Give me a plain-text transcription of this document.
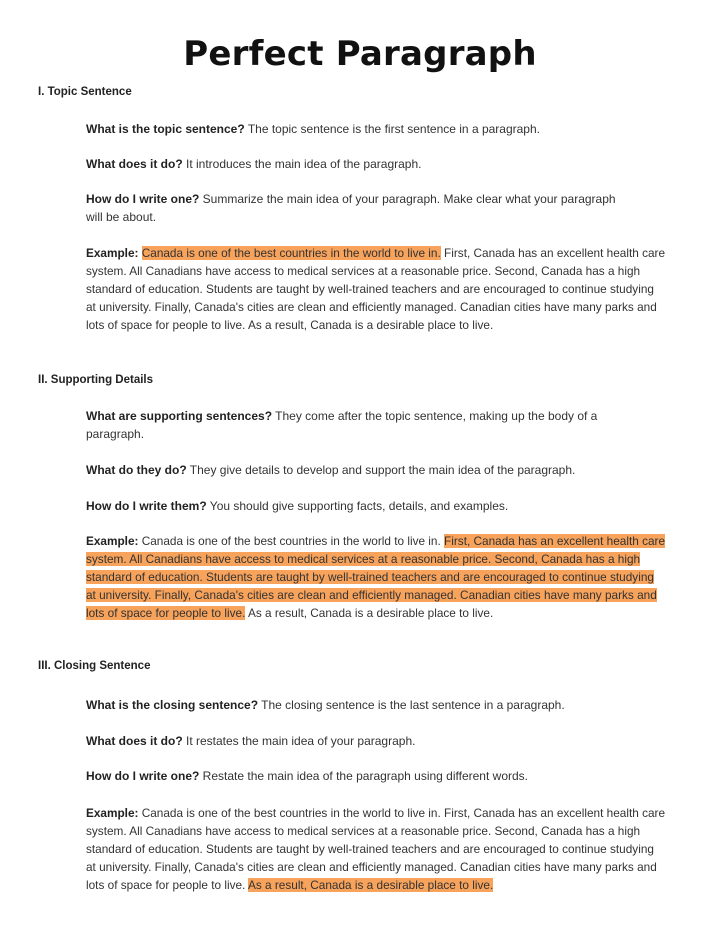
Perfect Paragraph

I. Topic Sentence

What is the topic sentence? The topic sentence is the first sentence in a paragraph.

What does it do? It introduces the main idea of the paragraph.

How do I write one? Summarize the main idea of your paragraph. Make clear what your paragraph will be about.

Example: Canada is one of the best countries in the world to live in. First, Canada has an excellent health care system. All Canadians have access to medical services at a reasonable price. Second, Canada has a high standard of education. Students are taught by well-trained teachers and are encouraged to continue studying at university. Finally, Canada's cities are clean and efficiently managed. Canadian cities have many parks and lots of space for people to live. As a result, Canada is a desirable place to live.

II. Supporting Details

What are supporting sentences? They come after the topic sentence, making up the body of a paragraph.

What do they do? They give details to develop and support the main idea of the paragraph.

How do I write them? You should give supporting facts, details, and examples.

Example: Canada is one of the best countries in the world to live in. First, Canada has an excellent health care system. All Canadians have access to medical services at a reasonable price. Second, Canada has a high standard of education. Students are taught by well-trained teachers and are encouraged to continue studying at university. Finally, Canada's cities are clean and efficiently managed. Canadian cities have many parks and lots of space for people to live. As a result, Canada is a desirable place to live.

III. Closing Sentence

What is the closing sentence? The closing sentence is the last sentence in a paragraph.

What does it do? It restates the main idea of your paragraph.

How do I write one? Restate the main idea of the paragraph using different words.

Example: Canada is one of the best countries in the world to live in. First, Canada has an excellent health care system. All Canadians have access to medical services at a reasonable price. Second, Canada has a high standard of education. Students are taught by well-trained teachers and are encouraged to continue studying at university. Finally, Canada's cities are clean and efficiently managed. Canadian cities have many parks and lots of space for people to live. As a result, Canada is a desirable place to live.
